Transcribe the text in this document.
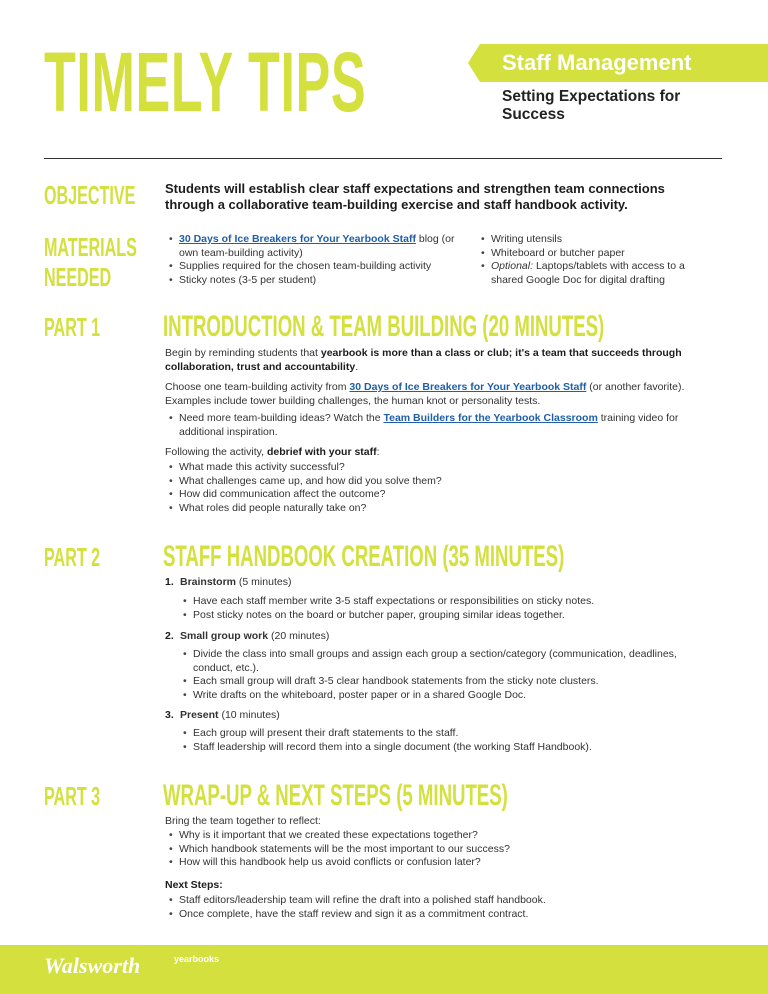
TIMELY TIPS	Staff Management
Setting Expectations for Success
OBJECTIVE Students will establish clear staff expectations and strengthen team connections through a collaborative team-building exercise and staff handbook activity.
MATERIALS
NEEDED
• 30 Days of Ice Breakers for Your Yearbook Staff blog (or own team-building activity)
• Supplies required for the chosen team-building activity
• Sticky notes (3-5 per student)
• Writing utensils
• Whiteboard or butcher paper
• Optional: Laptops/tablets with access to a shared Google Doc for digital drafting
PART 1 INTRODUCTION & TEAM BUILDING (20 MINUTES)
Begin by reminding students that yearbook is more than a class or club; it's a team that succeeds through collaboration, trust and accountability.
Choose one team-building activity from 30 Days of Ice Breakers for Your Yearbook Staff (or another favorite). Examples include tower building challenges, the human knot or personality tests.
• Need more team-building ideas? Watch the Team Builders for the Yearbook Classroom training video for additional inspiration.
Following the activity, debrief with your staff:
• What made this activity successful?
• What challenges came up, and how did you solve them?
• How did communication affect the outcome?
• What roles did people naturally take on?
PART 2 STAFF HANDBOOK CREATION (35 MINUTES)
1. Brainstorm (5 minutes)
• Have each staff member write 3-5 staff expectations or responsibilities on sticky notes.
• Post sticky notes on the board or butcher paper, grouping similar ideas together.
2. Small group work (20 minutes)
• Divide the class into small groups and assign each group a section/category (communication, deadlines, conduct, etc.).
• Each small group will draft 3-5 clear handbook statements from the sticky note clusters.
• Write drafts on the whiteboard, poster paper or in a shared Google Doc.
3. Present (10 minutes)
• Each group will present their draft statements to the staff.
• Staff leadership will record them into a single document (the working Staff Handbook).
PART 3 WRAP-UP & NEXT STEPS (5 MINUTES)
Bring the team together to reflect:
• Why is it important that we created these expectations together?
• Which handbook statements will be the most important to our success?
• How will this handbook help us avoid conflicts or confusion later?
Next Steps:
• Staff editors/leadership team will refine the draft into a polished staff handbook.
• Once complete, have the staff review and sign it as a commitment contract.
Walsworth	yearbooks
